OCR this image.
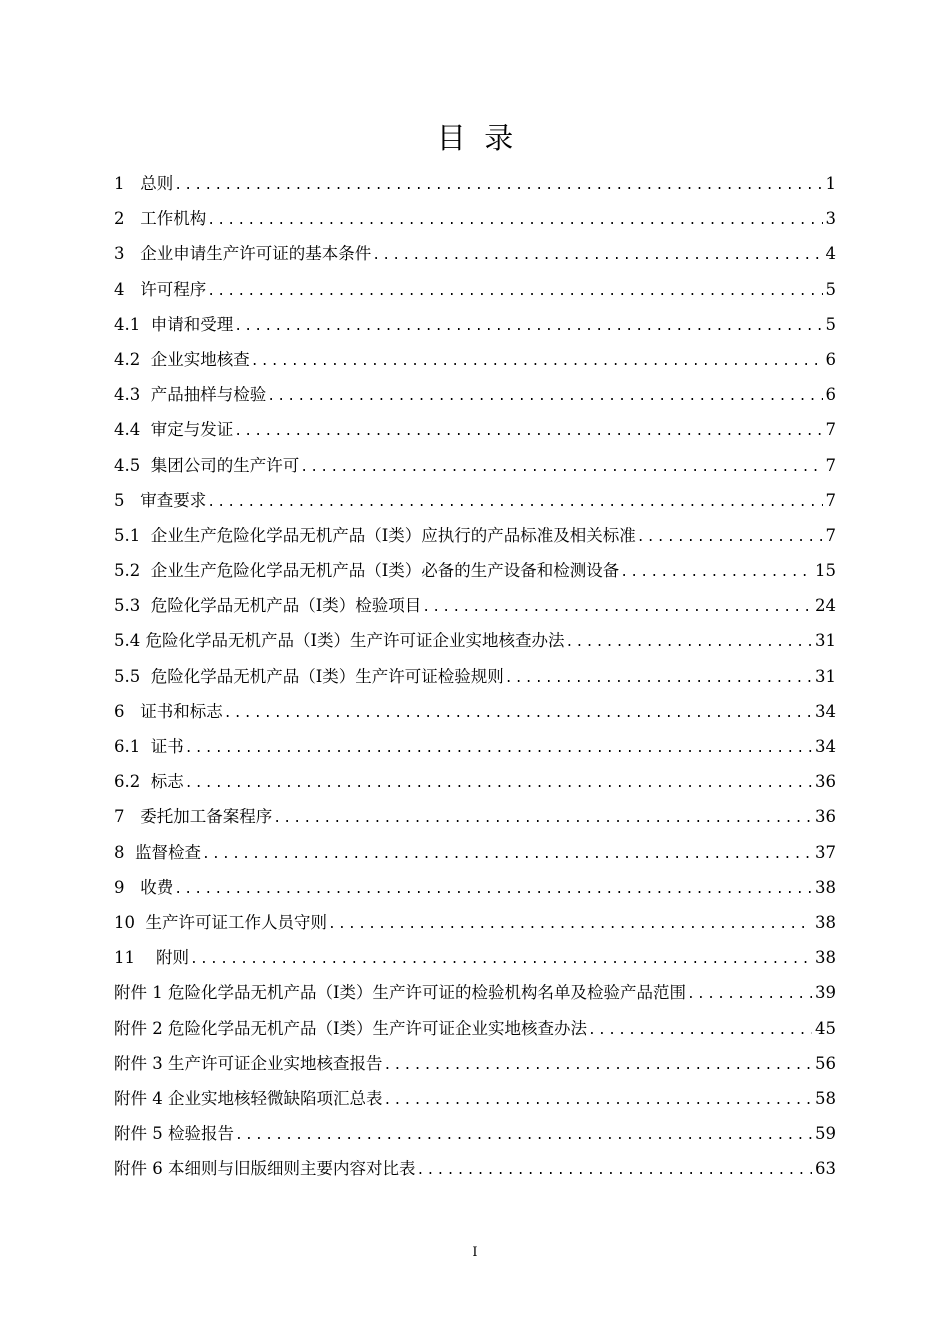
目  录
1   总则 .....	1
2   工作机构 .....	3
3   企业申请生产许可证的基本条件 .....	4
4   许可程序 .....	5
4.1  申请和受理 .....	5
4.2  企业实地核查 .....	6
4.3  产品抽样与检验 .....	6
4.4  审定与发证 .....	7
4.5  集团公司的生产许可 .....	7
5   审查要求 .....	7
5.1  企业生产危险化学品无机产品（Ⅰ类）应执行的产品标准及相关标准 .....	7
5.2  企业生产危险化学品无机产品（Ⅰ类）必备的生产设备和检测设备 .....	15
5.3  危险化学品无机产品（Ⅰ类）检验项目 .....	24
5.4 危险化学品无机产品（Ⅰ类）生产许可证企业实地核查办法 .....	31
5.5  危险化学品无机产品（Ⅰ类）生产许可证检验规则 .....	31
6   证书和标志 .....	34
6.1  证书 .....	34
6.2  标志 .....	36
7   委托加工备案程序 .....	36
8  监督检查 .....	37
9   收费 .....	38
10  生产许可证工作人员守则 .....	38
11    附则 .....	38
附件 1 危险化学品无机产品（Ⅰ类）生产许可证的检验机构名单及检验产品范围 .....	39
附件 2 危险化学品无机产品（Ⅰ类）生产许可证企业实地核查办法 .....	45
附件 3 生产许可证企业实地核查报告 .....	56
附件 4 企业实地核轻微缺陷项汇总表 .....	58
附件 5 检验报告 .....	59
附件 6 本细则与旧版细则主要内容对比表 .....	63
I
